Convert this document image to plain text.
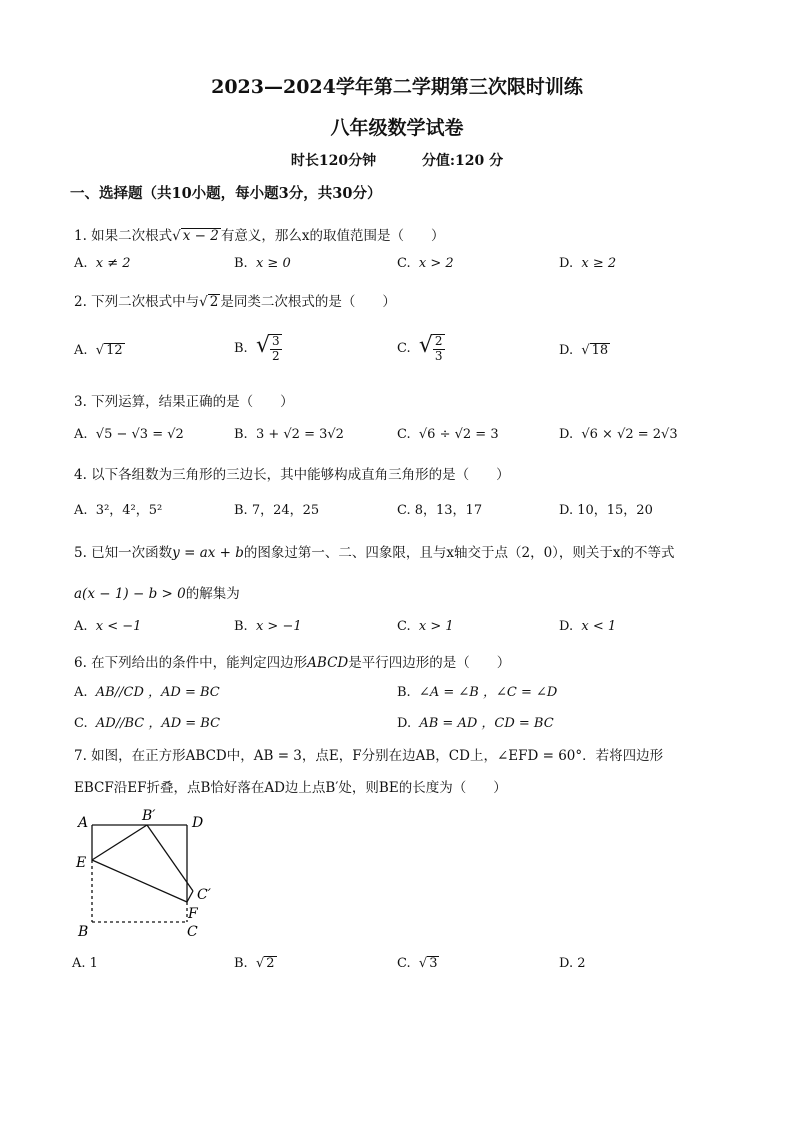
2023—2024学年第二学期第三次限时训练
八年级数学试卷
时长120分钟	分值:120 分
一、选择题（共10小题，每小题3分，共30分）
1. 如果二次根式 √ x − 2 有意义，那么x的取值范围是（　　）
A. x ≠ 2	B. x ≥ 0	C. x > 2	D. x ≥ 2
2. 下列二次根式中与 √ 2 是同类二次根式的是（　　）
A. √ 12	B. √ $\frac{3}{2}$	C. √ $\frac{2}{3}$	D. √ 18
3. 下列运算，结果正确的是（　　）
A. √5 − √3 = √2	B. 3 + √2 = 3√2	C. √6 ÷ √2 = 3	D. √6 × √2 = 2√3
4. 以下各组数为三角形的三边长，其中能够构成直角三角形的是（　　）
A. 3²，4²，5²	B. 7，24，25	C. 8，13，17	D. 10，15，20
5. 已知一次函数y = ax + b的图象过第一、二、四象限，且与x轴交于点（2，0），则关于x的不等式
a(x − 1) − b > 0的解集为
A. x < −1	B. x > −1	C. x > 1	D. x < 1
6. 在下列给出的条件中，能判定四边形ABCD是平行四边形的是（　　）
A. AB//CD ，AD = BC	B. ∠A = ∠B ，∠C = ∠D
C. AD//BC ，AD = BC	D. AB = AD ，CD = BC
7. 如图，在正方形ABCD中，AB = 3，点E，F分别在边AB，CD上，∠EFD = 60°．若将四边形
EBCF沿EF折叠，点B恰好落在AD边上点B′处，则BE的长度为（　　）
A	B′	D
E
C′
F
B	C
A. 1	B. √ 2	C. √ 3	D. 2
